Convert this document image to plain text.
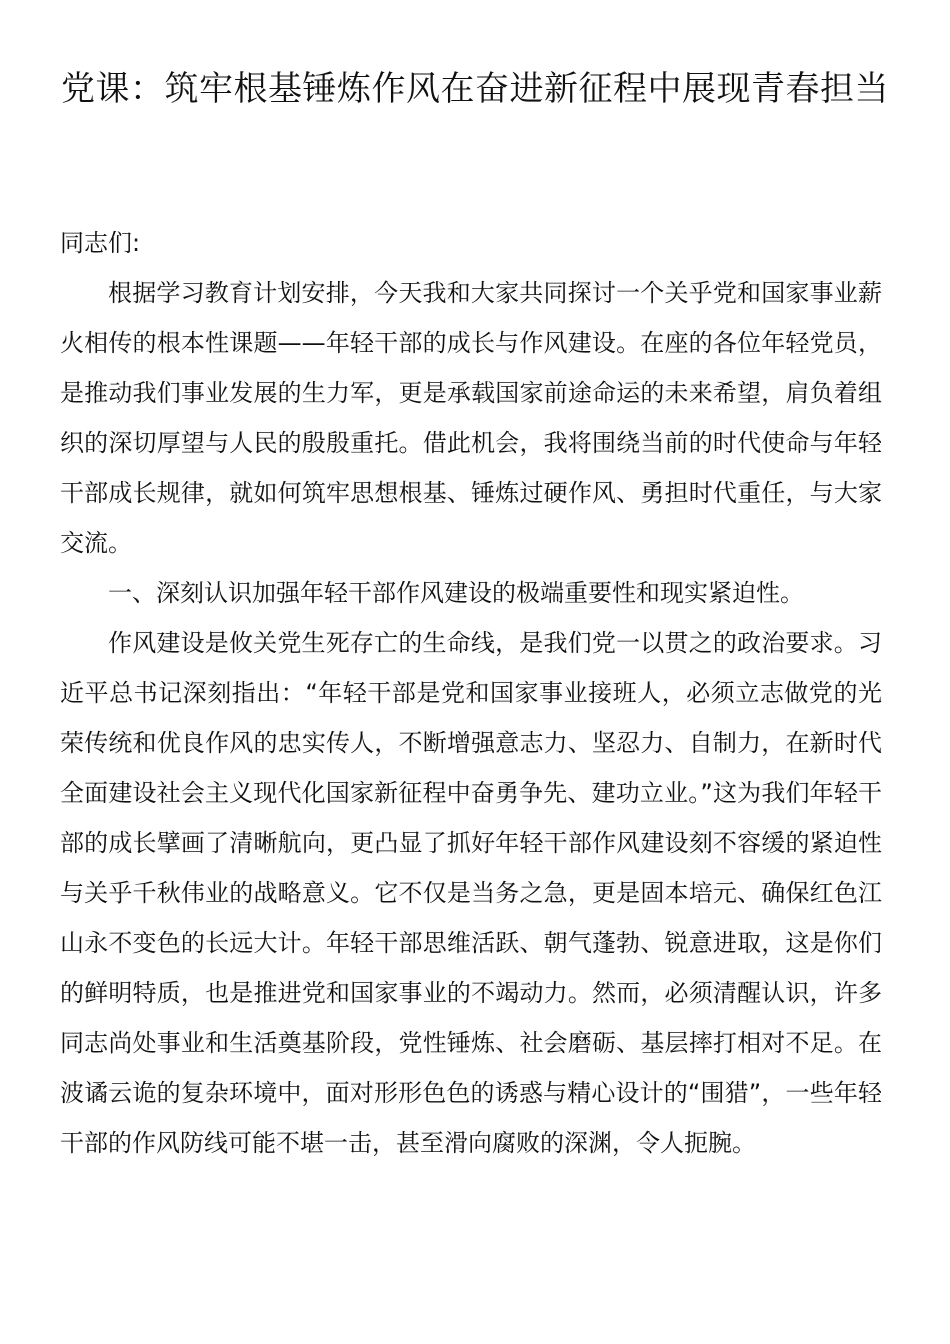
党课：筑牢根基锤炼作风在奋进新征程中展现青春担当

同志们:

根据学习教育计划安排，今天我和大家共同探讨一个关乎党和国家事业薪火相传的根本性课题——年轻干部的成长与作风建设。在座的各位年轻党员，是推动我们事业发展的生力军，更是承载国家前途命运的未来希望，肩负着组织的深切厚望与人民的殷殷重托。借此机会，我将围绕当前的时代使命与年轻干部成长规律，就如何筑牢思想根基、锤炼过硬作风、勇担时代重任，与大家交流。

一、深刻认识加强年轻干部作风建设的极端重要性和现实紧迫性。

作风建设是攸关党生死存亡的生命线，是我们党一以贯之的政治要求。习近平总书记深刻指出：“年轻干部是党和国家事业接班人，必须立志做党的光荣传统和优良作风的忠实传人，不断增强意志力、坚忍力、自制力，在新时代全面建设社会主义现代化国家新征程中奋勇争先、建功立业。”这为我们年轻干部的成长擘画了清晰航向，更凸显了抓好年轻干部作风建设刻不容缓的紧迫性与关乎千秋伟业的战略意义。它不仅是当务之急，更是固本培元、确保红色江山永不变色的长远大计。年轻干部思维活跃、朝气蓬勃、锐意进取，这是你们的鲜明特质，也是推进党和国家事业的不竭动力。然而，必须清醒认识，许多同志尚处事业和生活奠基阶段，党性锤炼、社会磨砺、基层摔打相对不足。在波谲云诡的复杂环境中，面对形形色色的诱惑与精心设计的“围猎”，一些年轻干部的作风防线可能不堪一击，甚至滑向腐败的深渊，令人扼腕。
